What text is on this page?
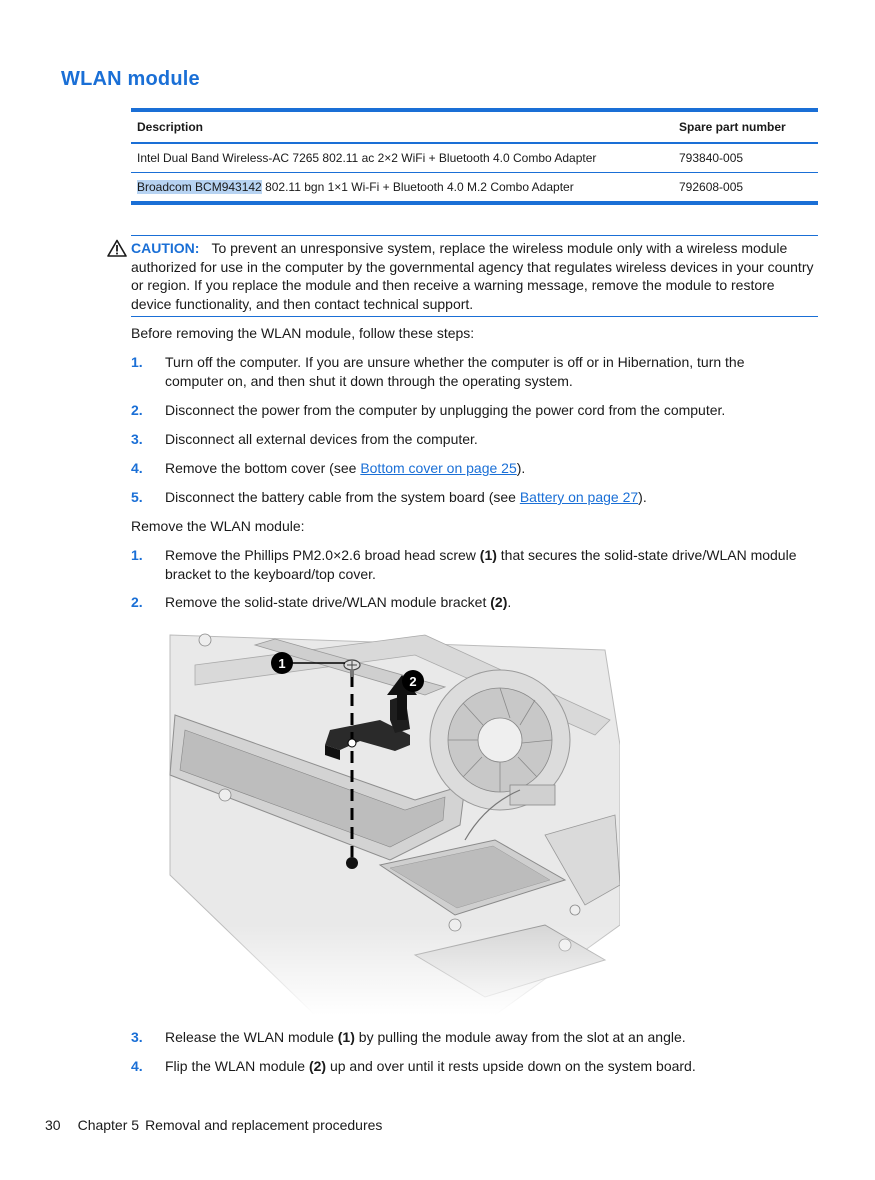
WLAN module
Description	Spare part number
Intel Dual Band Wireless-AC 7265 802.11 ac 2×2 WiFi + Bluetooth 4.0 Combo Adapter	793840-005
Broadcom BCM943142 802.11 bgn 1×1 Wi-Fi + Bluetooth 4.0 M.2 Combo Adapter	792608-005
CAUTION: To prevent an unresponsive system, replace the wireless module only with a wireless module authorized for use in the computer by the governmental agency that regulates wireless devices in your country or region. If you replace the module and then receive a warning message, remove the module to restore device functionality, and then contact technical support.

Before removing the WLAN module, follow these steps:

1. Turn off the computer. If you are unsure whether the computer is off or in Hibernation, turn the computer on, and then shut it down through the operating system.
2. Disconnect the power from the computer by unplugging the power cord from the computer.
3. Disconnect all external devices from the computer.
4. Remove the bottom cover (see Bottom cover on page 25).
5. Disconnect the battery cable from the system board (see Battery on page 27).

Remove the WLAN module:

1. Remove the Phillips PM2.0×2.6 broad head screw (1) that secures the solid-state drive/WLAN module bracket to the keyboard/top cover.
2. Remove the solid-state drive/WLAN module bracket (2).
1
2
3. Release the WLAN module (1) by pulling the module away from the slot at an angle.
4. Flip the WLAN module (2) up and over until it rests upside down on the system board.
30 Chapter 5 Removal and replacement procedures
